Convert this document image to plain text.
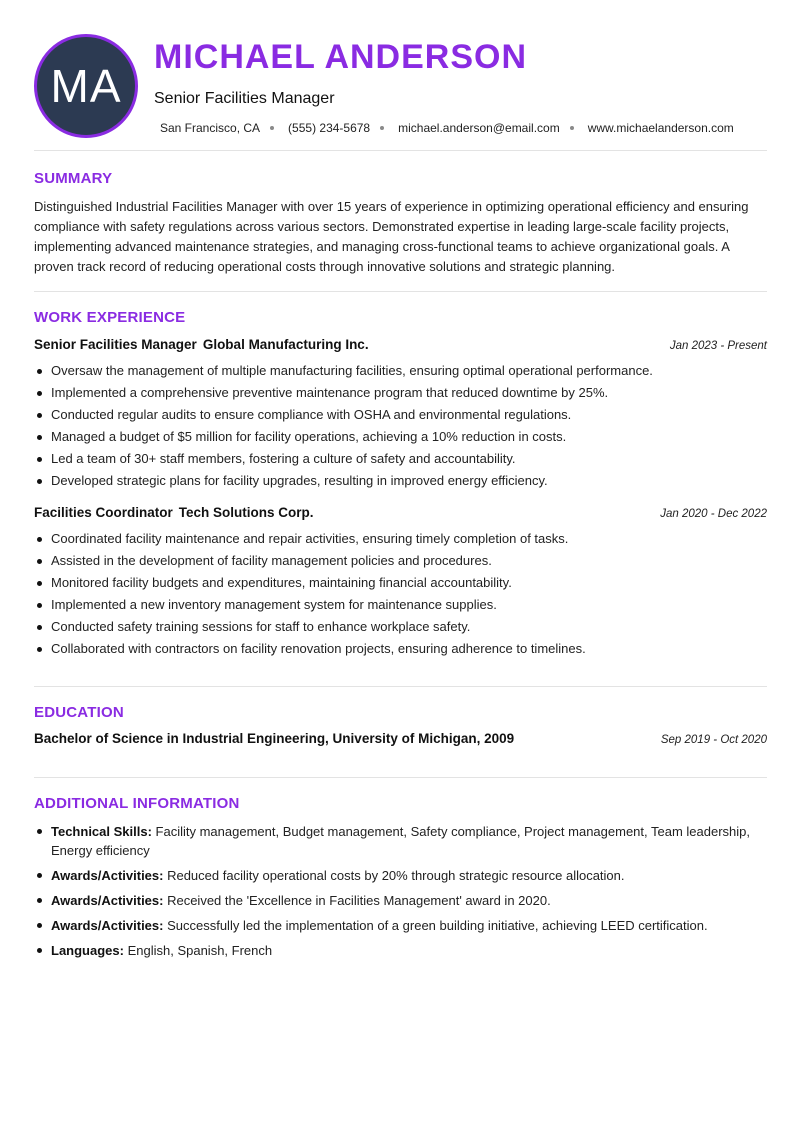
MA
MICHAEL ANDERSON
Senior Facilities Manager
San Francisco, CA (555) 234-5678 michael.anderson@email.com www.michaelanderson.com
SUMMARY

Distinguished Industrial Facilities Manager with over 15 years of experience in optimizing operational efficiency and ensuring compliance with safety regulations across various sectors. Demonstrated expertise in leading large-scale facility projects, implementing advanced maintenance strategies, and managing cross-functional teams to achieve organizational goals. A proven track record of reducing operational costs through innovative solutions and strategic planning.

WORK EXPERIENCE
Senior Facilities Manager Global Manufacturing Inc.	Jan 2023 - Present
Oversaw the management of multiple manufacturing facilities, ensuring optimal operational performance.
Implemented a comprehensive preventive maintenance program that reduced downtime by 25%.
Conducted regular audits to ensure compliance with OSHA and environmental regulations.
Managed a budget of $5 million for facility operations, achieving a 10% reduction in costs.
Led a team of 30+ staff members, fostering a culture of safety and accountability.
Developed strategic plans for facility upgrades, resulting in improved energy efficiency.
Facilities Coordinator Tech Solutions Corp.	Jan 2020 - Dec 2022
Coordinated facility maintenance and repair activities, ensuring timely completion of tasks.
Assisted in the development of facility management policies and procedures.
Monitored facility budgets and expenditures, maintaining financial accountability.
Implemented a new inventory management system for maintenance supplies.
Conducted safety training sessions for staff to enhance workplace safety.
Collaborated with contractors on facility renovation projects, ensuring adherence to timelines.
EDUCATION
Bachelor of Science in Industrial Engineering, University of Michigan, 2009	Sep 2019 - Oct 2020
ADDITIONAL INFORMATION
Technical Skills: Facility management, Budget management, Safety compliance, Project management, Team leadership, Energy efficiency
Awards/Activities: Reduced facility operational costs by 20% through strategic resource allocation.
Awards/Activities: Received the 'Excellence in Facilities Management' award in 2020.
Awards/Activities: Successfully led the implementation of a green building initiative, achieving LEED certification.
Languages: English, Spanish, French
